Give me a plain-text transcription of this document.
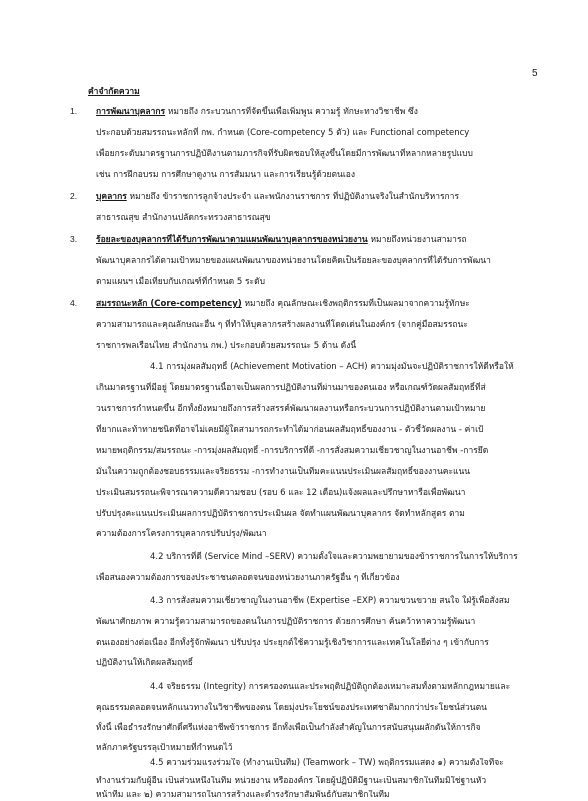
5
คำจำกัดความ
1. การพัฒนาบุคลากร หมายถึง กระบวนการที่จัดขึ้นเพื่อเพิ่มพูน ความรู้ ทักษะทางวิชาชีพ ซึ่ง
ประกอบด้วยสมรรถนะหลักที่ กพ. กำหนด (Core-competency 5 ตัว) และ Functional competency
เพื่อยกระดับมาตรฐานการปฏิบัติงานตามภารกิจที่รับผิดชอบให้สูงขึ้นโดยมีการพัฒนาที่หลากหลายรูปแบบ
เช่น การฝึกอบรม การศึกษาดูงาน การสัมมนา และการเรียนรู้ด้วยตนเอง
2. บุคลากร หมายถึง ข้าราชการลูกจ้างประจำ และพนักงานราชการ ที่ปฏิบัติงานจริงในสำนักบริหารการ
สาธารณสุข สำนักงานปลัดกระทรวงสาธารณสุข
3. ร้อยละของบุคลากรที่ได้รับการพัฒนาตามแผนพัฒนาบุคลากรของหน่วยงาน หมายถึงหน่วยงานสามารถ
พัฒนาบุคลากรได้ตามเป้าหมายของแผนพัฒนาของหน่วยงานโดยคิดเป็นร้อยละของบุคลากรที่ได้รับการพัฒนา
ตามแผนฯ เมื่อเทียบกับเกณฑ์ที่กำหนด 5 ระดับ
4. สมรรถนะหลัก (Core-competency) หมายถึง คุณลักษณะเชิงพฤติกรรมที่เป็นผลมาจากความรู้ทักษะ
ความสามารถและคุณลักษณะอื่น ๆ ที่ทำให้บุคลากรสร้างผลงานที่โดดเด่นในองค์กร (จากคู่มือสมรรถนะ
ราชการพลเรือนไทย สำนักงาน กพ.) ประกอบด้วยสมรรถนะ 5 ด้าน ดังนี้
4.1 การมุ่งผลสัมฤทธิ์ (Achievement Motivation – ACH) ความมุ่งมั่นจะปฏิบัติราชการให้ดีหรือให้
เกินมาตรฐานที่มีอยู่ โดยมาตรฐานนี้อาจเป็นผลการปฏิบัติงานที่ผ่านมาของตนเอง หรือเกณฑ์วัดผลสัมฤทธิ์ที่ส่
วนราชการกำหนดขึ้น อีกทั้งยังหมายถึงการสร้างสรรค์พัฒนาผลงานหรือกระบวนการปฏิบัติงานตามเป้าหมาย
ที่ยากและท้าทายชนิดที่อาจไม่เคยมีผู้ใดสามารถกระทำได้มาก่อนผลสัมฤทธิ์ของงาน - ตัวชี้วัดผลงาน - ค่าเป้
หมายพฤติกรรม/สมรรถนะ -การมุ่งผลสัมฤทธิ์ -การบริการที่ดี -การสั่งสมความเชี่ยวชาญในงานอาชีพ -การยึด
มั่นในความถูกต้องชอบธรรมและจริยธรรม -การทำงานเป็นทีมคะแนนประเมินผลสัมฤทธิ์ของงานคะแนน
ประเมินสมรรถนะพิจารณาความดีความชอบ (รอบ 6 และ 12 เดือน)แจ้งผลและปรึกษาหารือเพื่อพัฒนา
ปรับปรุงคะแนนประเมินผลการปฏิบัติราชการประเมินผล จัดทำแผนพัฒนาบุคลากร จัดทำหลักสูตร ตาม
ความต้องการโครงการบุคลากรปรับปรุง/พัฒนา
4.2 บริการที่ดี (Service Mind –SERV) ความตั้งใจและความพยายามของข้าราชการในการให้บริการ
เพื่อสนองความต้องการของประชาชนตลอดจนของหน่วยงานภาครัฐอื่น ๆ ที่เกี่ยวข้อง
4.3 การสั่งสมความเชี่ยวชาญในงานอาชีพ (Expertise –EXP) ความขวนขวาย สนใจ ใฝ่รู้เพื่อสั่งสม
พัฒนาศักยภาพ ความรู้ความสามารถของตนในการปฏิบัติราชการ ด้วยการศึกษา ค้นคว้าหาความรู้พัฒนา
ตนเองอย่างต่อเนื่อง อีกทั้งรู้จักพัฒนา ปรับปรุง ประยุกต์ใช้ความรู้เชิงวิชาการและเทคโนโลยีต่าง ๆ เข้ากับการ
ปฏิบัติงานให้เกิดผลสัมฤทธิ์
4.4 จริยธรรม (Integrity) การครองตนและประพฤติปฏิบัติถูกต้องเหมาะสมทั้งตามหลักกฎหมายและ
คุณธรรมตลอดจนหลักแนวทางในวิชาชีพของตน โดยมุ่งประโยชน์ของประเทศชาติมากกว่าประโยชน์ส่วนตน
ทั้งนี้ เพื่อธำรงรักษาศักดิ์ศรีแห่งอาชีพข้าราชการ อีกทั้งเพื่อเป็นกำลังสำคัญในการสนับสนุนผลักดันให้การกิจ
หลักภาครัฐบรรลุเป้าหมายที่กำหนดไว้
4.5 ความร่วมแรงร่วมใจ (ทำงานเป็นทีม) (Teamwork – TW) พฤติกรรมแสดง ๑) ความตั้งใจที่จะ
ทำงานร่วมกับผู้อื่น เป็นส่วนหนึ่งในทีม หน่วยงาน หรือองค์กร โดยผู้ปฏิบัติมีฐานะเป็นสมาชิกในทีมมิใช่ฐานหัว
หน้าทีม และ ๒) ความสามารถในการสร้างและดำรงรักษาสัมพันธ์กับสมาชิกในทีม
